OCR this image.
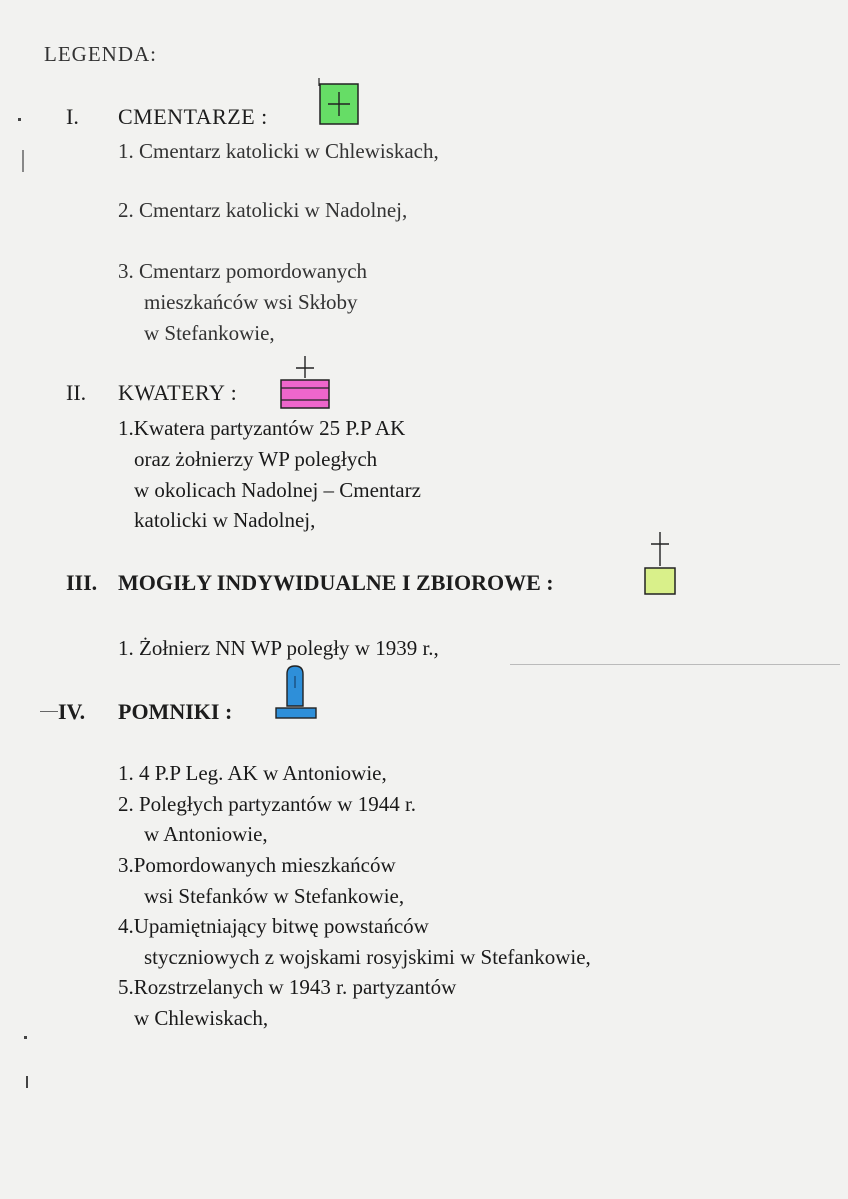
LEGENDA:
I. CMENTARZE :
1. Cmentarz katolicki w Chlewiskach,
2. Cmentarz katolicki w Nadolnej,
3. Cmentarz pomordowanych
mieszkańców wsi Skłoby
w Stefankowie,
II. KWATERY :
1.Kwatera partyzantów 25 P.P AK
oraz żołnierzy WP poległych
w okolicach Nadolnej – Cmentarz
katolicki w Nadolnej,
III. MOGIŁY INDYWIDUALNE I ZBIOROWE :
1. Żołnierz NN WP poległy w 1939 r.,
IV. POMNIKI :
1. 4 P.P Leg. AK w Antoniowie,
2. Poległych partyzantów w 1944 r.
w Antoniowie,
3.Pomordowanych mieszkańców
wsi Stefanków w Stefankowie,
4.Upamiętniający bitwę powstańców
styczniowych z wojskami rosyjskimi w Stefankowie,
5.Rozstrzelanych w 1943 r. partyzantów
w Chlewiskach,
